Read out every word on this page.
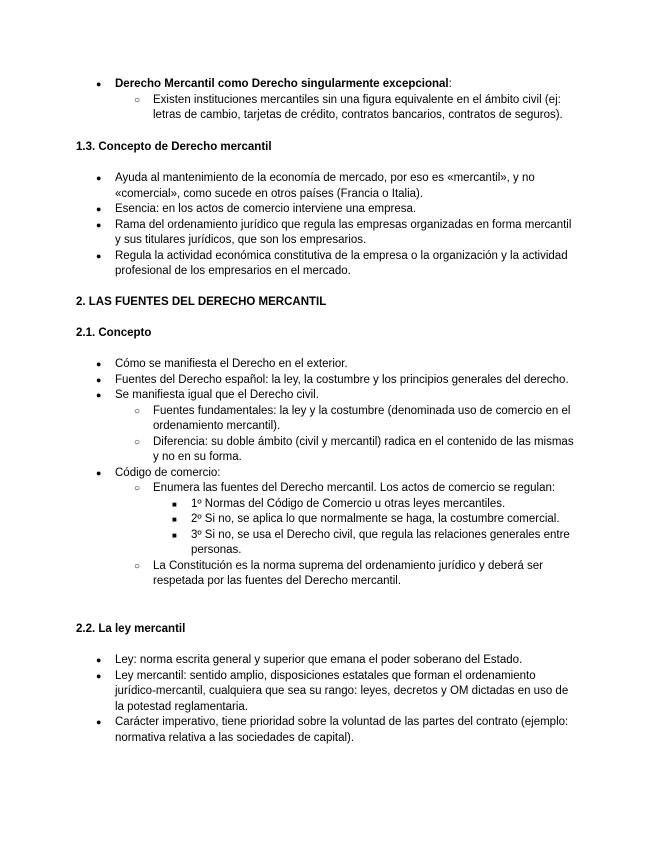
● Derecho Mercantil como Derecho singularmente excepcional:
○ Existen instituciones mercantiles sin una figura equivalente en el ámbito civil (ej: letras de cambio, tarjetas de crédito, contratos bancarios, contratos de seguros).
1.3. Concepto de Derecho mercantil
● Ayuda al mantenimiento de la economía de mercado, por eso es «mercantil», y no «comercial», como sucede en otros países (Francia o Italia).
● Esencia: en los actos de comercio interviene una empresa.
● Rama del ordenamiento jurídico que regula las empresas organizadas en forma mercantil y sus titulares jurídicos, que son los empresarios.
● Regula la actividad económica constitutiva de la empresa o la organización y la actividad profesional de los empresarios en el mercado.
2. LAS FUENTES DEL DERECHO MERCANTIL
2.1. Concepto
● Cómo se manifiesta el Derecho en el exterior.
● Fuentes del Derecho español: la ley, la costumbre y los principios generales del derecho.
● Se manifiesta igual que el Derecho civil.
○ Fuentes fundamentales: la ley y la costumbre (denominada uso de comercio en el ordenamiento mercantil).
○ Diferencia: su doble ámbito (civil y mercantil) radica en el contenido de las mismas y no en su forma.
● Código de comercio:
○ Enumera las fuentes del Derecho mercantil. Los actos de comercio se regulan:
■ 1º Normas del Código de Comercio u otras leyes mercantiles.
■ 2º Si no, se aplica lo que normalmente se haga, la costumbre comercial.
■ 3º Si no, se usa el Derecho civil, que regula las relaciones generales entre personas.
○ La Constitución es la norma suprema del ordenamiento jurídico y deberá ser respetada por las fuentes del Derecho mercantil.
2.2. La ley mercantil
● Ley: norma escrita general y superior que emana el poder soberano del Estado.
● Ley mercantil: sentido amplio, disposiciones estatales que forman el ordenamiento jurídico-mercantil, cualquiera que sea su rango: leyes, decretos y OM dictadas en uso de la potestad reglamentaria.
● Carácter imperativo, tiene prioridad sobre la voluntad de las partes del contrato (ejemplo: normativa relativa a las sociedades de capital).
